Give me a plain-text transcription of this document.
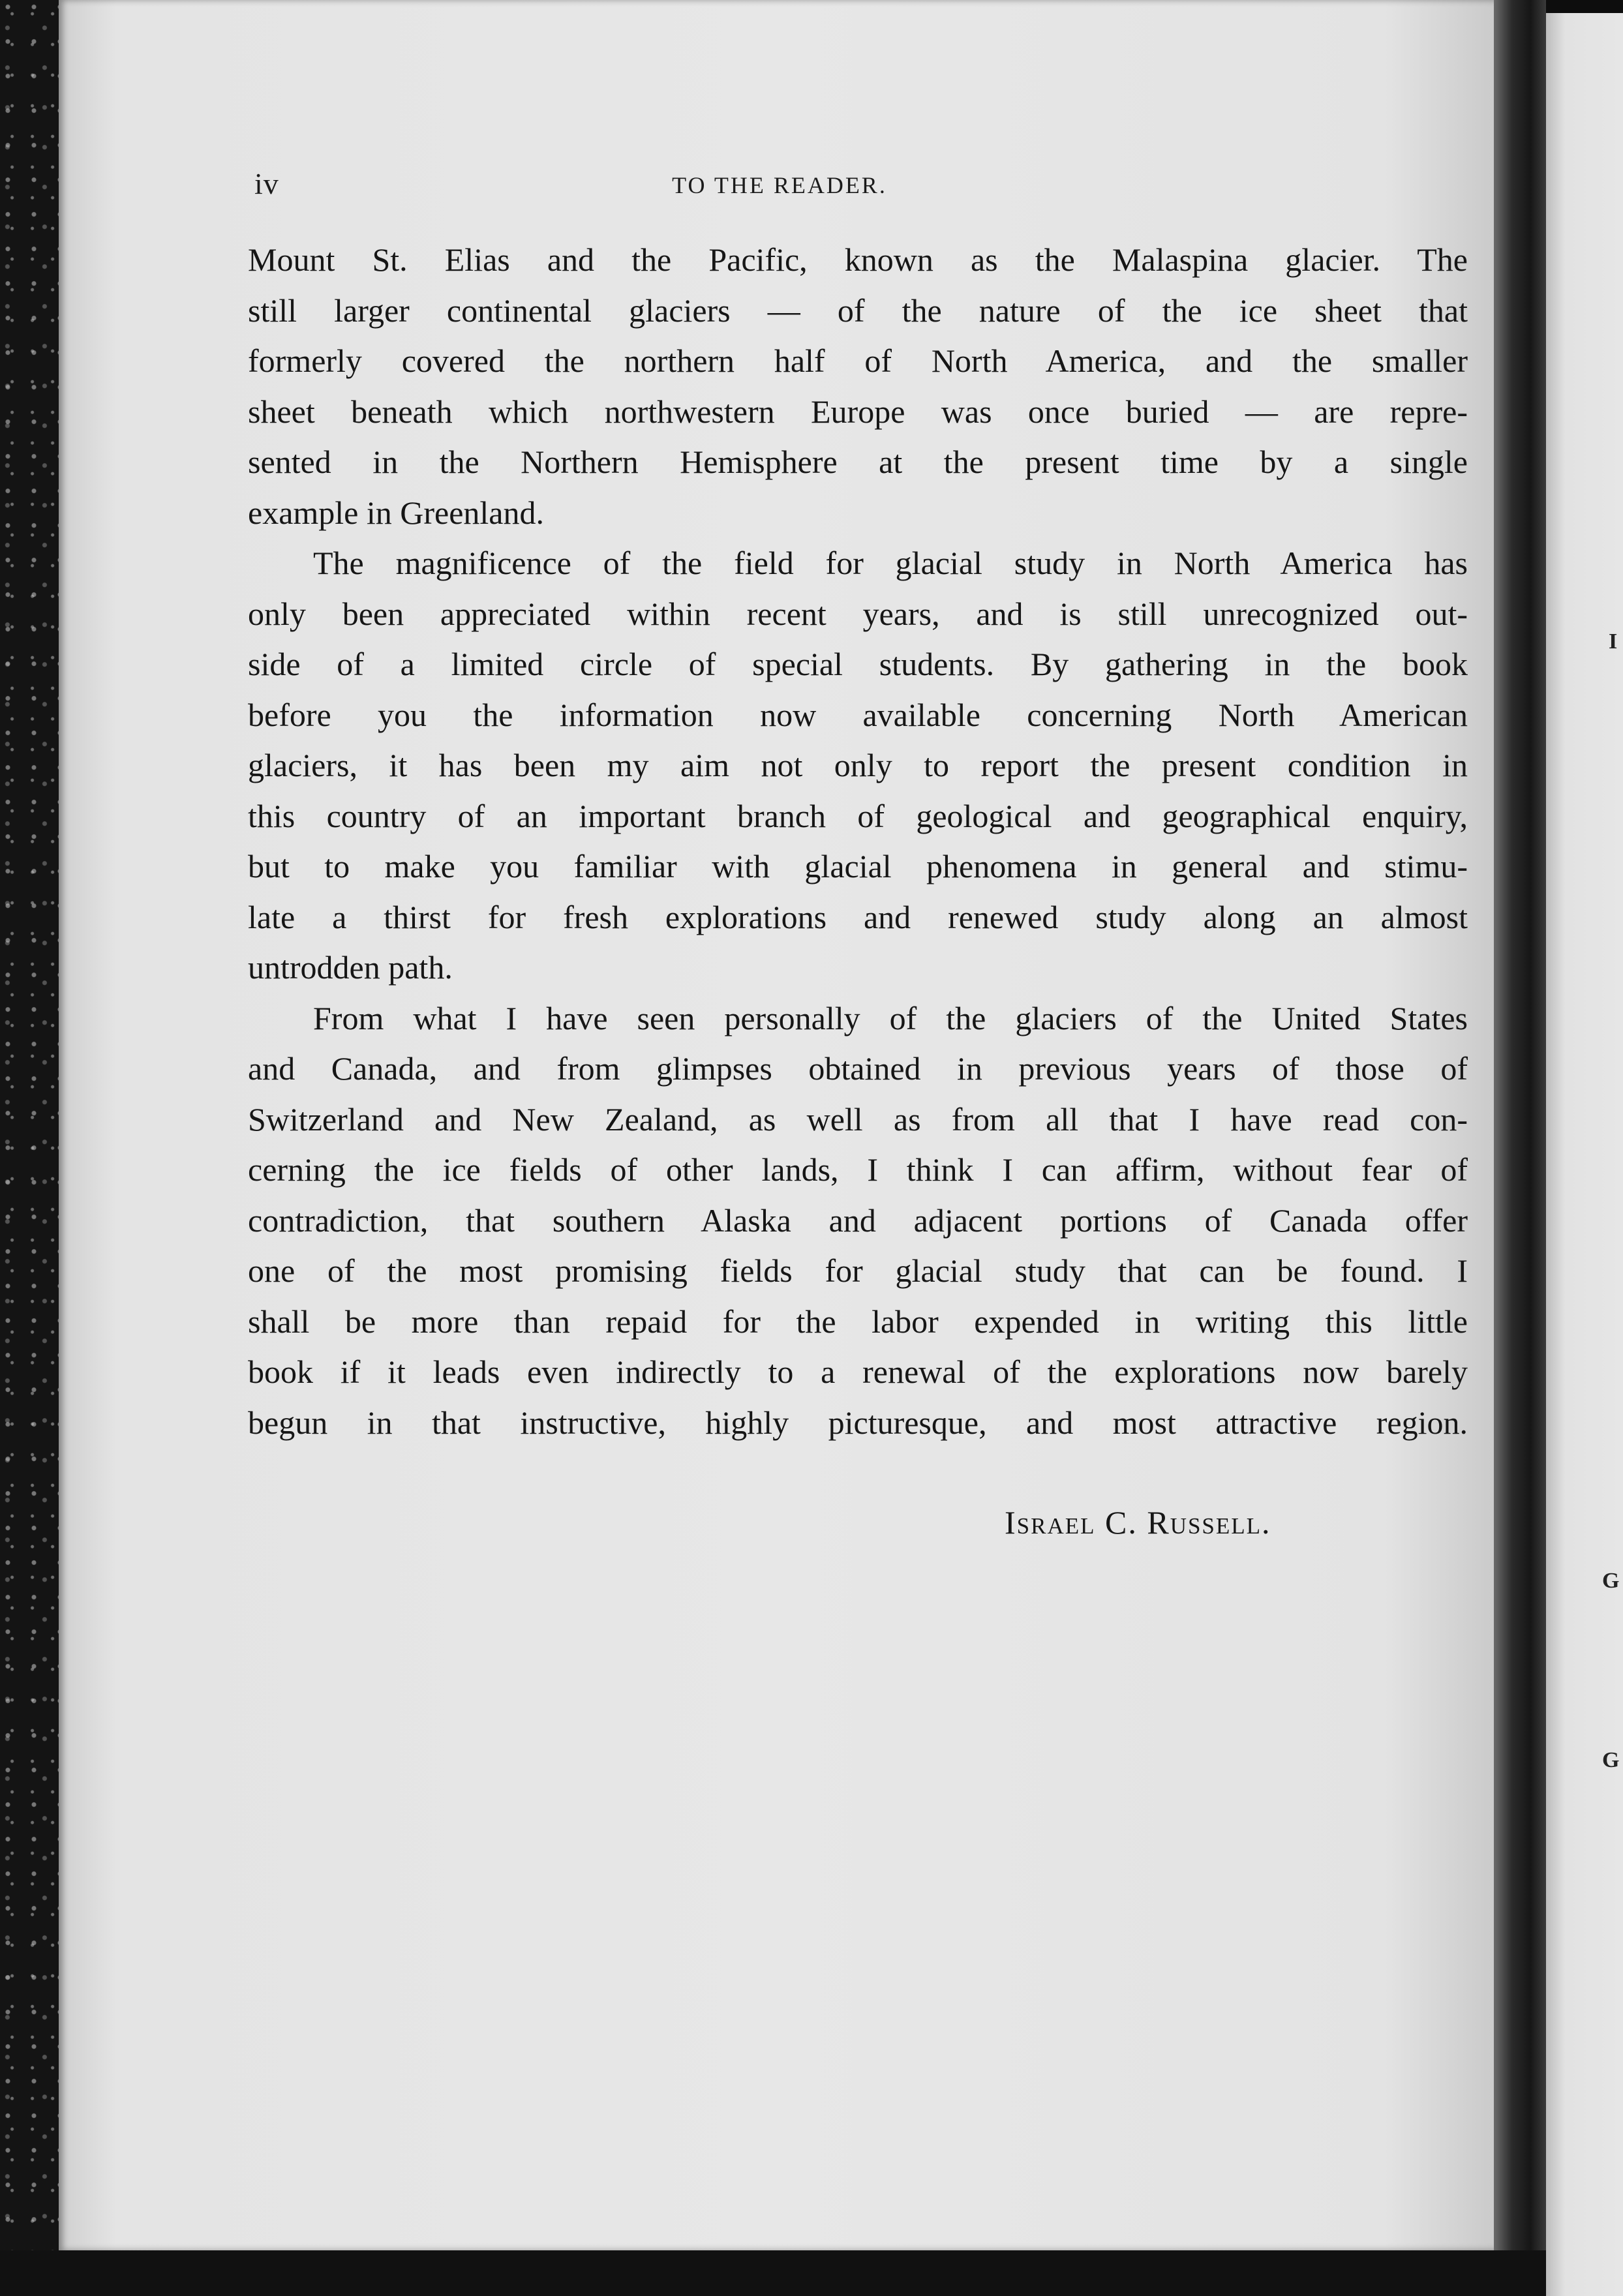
iv	TO THE READER.
Mount St. Elias and the Pacific, known as the Malaspina glacier. The
still larger continental glaciers — of the nature of the ice sheet that
formerly covered the northern half of North America, and the smaller
sheet beneath which northwestern Europe was once buried — are repre-
sented in the Northern Hemisphere at the present time by a single
example in Greenland.
The magnificence of the field for glacial study in North America has
only been appreciated within recent years, and is still unrecognized out-
side of a limited circle of special students. By gathering in the book
before you the information now available concerning North American
glaciers, it has been my aim not only to report the present condition in
this country of an important branch of geological and geographical enquiry,
but to make you familiar with glacial phenomena in general and stimu-
late a thirst for fresh explorations and renewed study along an almost
untrodden path.
From what I have seen personally of the glaciers of the United States
and Canada, and from glimpses obtained in previous years of those of
Switzerland and New Zealand, as well as from all that I have read con-
cerning the ice fields of other lands, I think I can affirm, without fear of
contradiction, that southern Alaska and adjacent portions of Canada offer
one of the most promising fields for glacial study that can be found. I
shall be more than repaid for the labor expended in writing this little
book if it leads even indirectly to a renewal of the explorations now barely
begun in that instructive, highly picturesque, and most attractive region.
Israel C. Russell.
I
G
G
